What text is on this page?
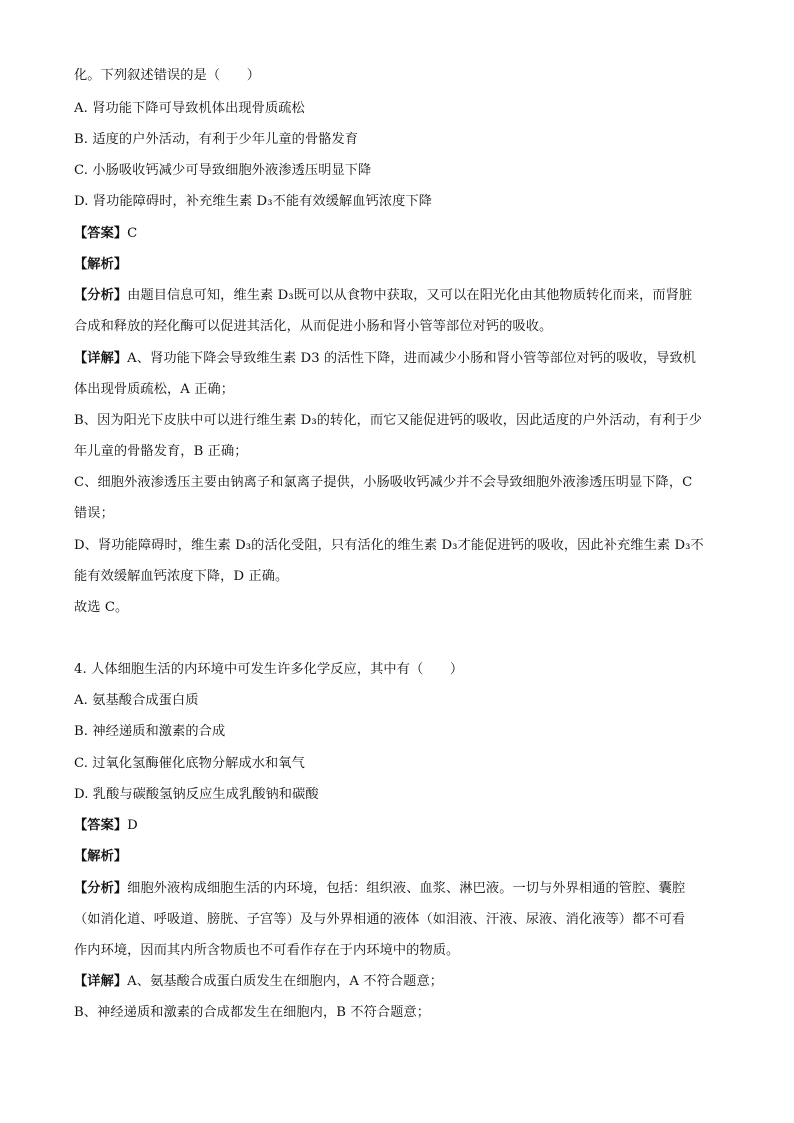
化。下列叙述错误的是（　　）
A. 肾功能下降可导致机体出现骨质疏松
B. 适度的户外活动，有利于少年儿童的骨骼发育
C. 小肠吸收钙减少可导致细胞外液渗透压明显下降
D. 肾功能障碍时，补充维生素 D₃不能有效缓解血钙浓度下降
【答案】C
【解析】
【分析】由题目信息可知，维生素 D₃既可以从食物中获取，又可以在阳光化由其他物质转化而来，而肾脏
合成和释放的羟化酶可以促进其活化，从而促进小肠和肾小管等部位对钙的吸收。
【详解】A、肾功能下降会导致维生素 D3 的活性下降，进而减少小肠和肾小管等部位对钙的吸收，导致机
体出现骨质疏松，A 正确；
B、因为阳光下皮肤中可以进行维生素 D₃的转化，而它又能促进钙的吸收，因此适度的户外活动，有利于少
年儿童的骨骼发育，B 正确；
C、细胞外液渗透压主要由钠离子和氯离子提供，小肠吸收钙减少并不会导致细胞外液渗透压明显下降，C
错误；
D、肾功能障碍时，维生素 D₃的活化受阻，只有活化的维生素 D₃才能促进钙的吸收，因此补充维生素 D₃不
能有效缓解血钙浓度下降，D 正确。
故选 C。
4. 人体细胞生活的内环境中可发生许多化学反应，其中有（　　）
A. 氨基酸合成蛋白质
B. 神经递质和激素的合成
C. 过氧化氢酶催化底物分解成水和氧气
D. 乳酸与碳酸氢钠反应生成乳酸钠和碳酸
【答案】D
【解析】
【分析】细胞外液构成细胞生活的内环境，包括：组织液、血浆、淋巴液。一切与外界相通的管腔、囊腔
（如消化道、呼吸道、膀胱、子宫等）及与外界相通的液体（如泪液、汗液、尿液、消化液等）都不可看
作内环境，因而其内所含物质也不可看作存在于内环境中的物质。
【详解】A、氨基酸合成蛋白质发生在细胞内，A 不符合题意；
B、神经递质和激素的合成都发生在细胞内，B 不符合题意；
